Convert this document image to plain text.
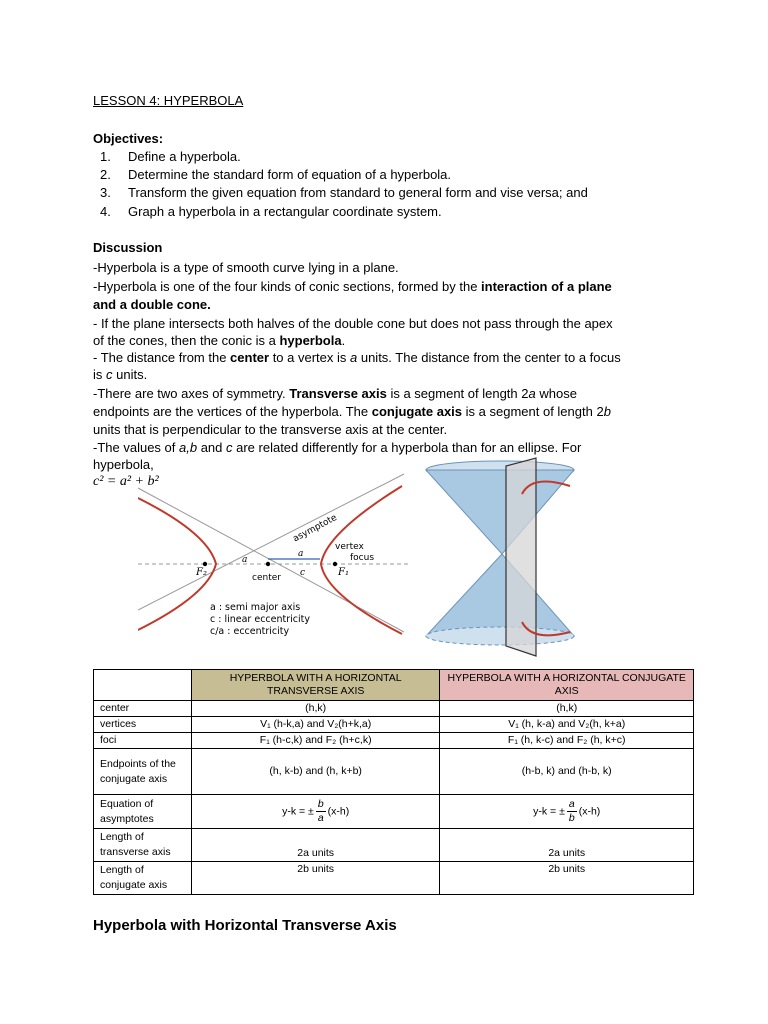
LESSON 4: HYPERBOLA
Objectives:
1. Define a hyperbola.
2. Determine the standard form of equation of a hyperbola.
3. Transform the given equation from standard to general form and vise versa; and
4. Graph a hyperbola in a rectangular coordinate system.
Discussion
-Hyperbola is a type of smooth curve lying in a plane.
-Hyperbola is one of the four kinds of conic sections, formed by the interaction of a plane
and a double cone.
- If the plane intersects both halves of the double cone but does not pass through the apex
of the cones, then the conic is a hyperbola.
- The distance from the center to a vertex is a units. The distance from the center to a focus
is c units.
-There are two axes of symmetry. Transverse axis is a segment of length 2a whose
endpoints are the vertices of the hyperbola. The conjugate axis is a segment of length 2b
units that is perpendicular to the transverse axis at the center.
-The values of a,b and c are related differently for a hyperbola than for an ellipse. For
hyperbola,
c² = a² + b²
asymptote
vertex
focus
center
a
a
c	F₁
F₂
a : semi major axis
c : linear eccentricity
c/a : eccentricity
	HYPERBOLA WITH A HORIZONTAL TRANSVERSE AXIS	HYPERBOLA WITH A HORIZONTAL CONJUGATE AXIS
center	(h,k)	(h,k)
vertices	V₁ (h-k,a) and V₂(h+k,a)	V₁ (h, k-a) and V₂(h, k+a)
foci	F₁ (h-c,k) and F₂ (h+c,k)	F₁ (h, k-c) and F₂ (h, k+c)
Endpoints of the conjugate axis	(h, k-b) and (h, k+b)	(h-b, k) and (h-b, k)
Equation of asymptotes	y-k = ± $\frac{b}{a} (x-h)$	y-k = ± $\frac{a}{b} (x-h)$
Length of transverse axis	2a units	2a units
Length of conjugate axis	2b units	2b units
Hyperbola with Horizontal Transverse Axis
